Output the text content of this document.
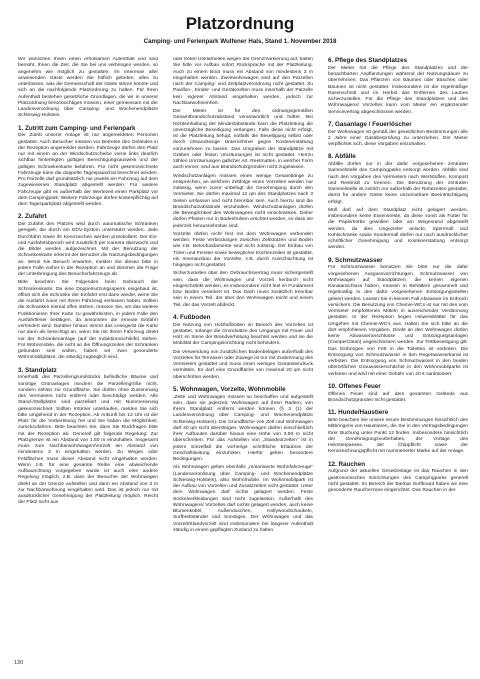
Platzordnung
Camping- und Ferienpark Wulfener Hals, Stand 1. November 2018

Wir wünschen Ihnen einen erholsamen Aufenthalt und sind bemüht, Ihnen die Zeit, die Sie bei uns verbringen werden, so angenehm wie möglich zu gestalten. Im Interesse aller anwesenden Gäste werden Sie höflich gebeten, alles zu unterlassen, was die Gemeinschaft der Gäste stören könnte und sich an die nachfolgende Platzordnung zu halten. Für Ihren Aufenthalt bestehen gesetzliche Grundlagen, die wir in unserer Platzordnung berücksichtigen müssen, einer gemeinsam mit der Landesverordnung über Camping- und Wochenendplätze Schleswig-Holstein.

1. Zutritt zum Camping- und Ferienpark

Der Zutritt unserer Anlage ist nur angemeldeten Personen gestattet. Auch Besucher müssen vor Betreten des Geländes in der Rezeption angemeldet werden. Fahrzeuge dürfen den Platz nur mit einem an der Windschutzscheibe vorne links deutlich sichtbar hinterlegten gültigen Berechtigungsausweis und der gültigen Schrankenkarte befahren. Für nicht gekennzeichnete Fahrzeuge kann die doppelte Tagespauschal berechnet werden. Pro Parzelle darf grundsätzlich nur jeweils ein Fahrzeug auf dem zugewiesenen Standplatz abgestellt werden. Für weitere Fahrzeuge gibt es außerhalb der Wertezeit einen Parkplatz vor dem Campingpark. Weitere Fahrzeuge dürfen kostenpflichtig auf dem Tagesparkplatz abgestellt werden.

2. Zufahrt

Die Zufahrt des Platzes wird durch automatische Schranken geregelt, die durch ein EDV-System unterstützt werden. Jede Durchfahrt sowie ihr Kennzeichen werden protokolliert. Der Ein- und Ausfahrtsbereich wird zusätzlich per Kamera überwacht und die Bilder werden aufgezeichnet. Mit der Benutzung der Schrankenkarte erkennt der Benutzer die Nutzungsbedingungen an. Wenn Sie Besuch erwarten, melden Sie diesen bitte in jedem Falle vorher in der Rezeption an und stimmen die Frage der Unterbringung des Besucherfahrzeugs ab.

Bitte beachten Sie Folgendes beim Gebrauch der Schrankenkarte: Da eine Doppelnutzungssperre eingebaut ist, öffnet sich die Schranke der Einfahrt erst dann wieder, wenn Sie die Ausfahrt zuvor mit Ihrem Fahrzeug verlassen haben. Sollten die Schranken einmal offen stehen, müssen Sie, um das weitere Funktionieren Ihrer Karte zu gewährleisten, in jedem Falle den Ausfahrtleser betätigen, da ansonsten die erneute Einfahrt verhindert wird. Darüber hinaus nimmt das Lesegerät die Karte nur dann als berechtigt an, wenn Sie mit Ihrem Fahrzeug direkt vor der Schrankenanlage (auf der Induktionsschleife) stehen. Für Wohnmobile, die nicht an die Öffnungszeiten der Schranken gebunden sein wollen, haben wir zwei gesonderte Wohnmobilplätze, die ständig zugänglich sind.

3. Standplatz

Innerhalb des Parzellengrundstücks befindliche Bäume und sonstige Grünanlagen mindern die Parzellengröße nicht, sondern zählen zur Grundfläche. Sie dürfen ohne Zustimmung des Vermieters nicht entfernt oder beschädigt werden. Alle Stand-/Stellplätze sind parzelliert und mit Nummerierung gekennzeichnet. Sollten Irrtümer unterlaufen, melden Sie sich bitte umgehend in der Rezeption. Ab Ankunft bis 12 Uhr ist der Platz für die Vorbereitung frei und Sie haben die Möglichkeit, zurückzufahren. Bitte beachten Sie, dass Sie Rückfragen bitte mit der Rezeption ab. Generell gilt folgende Regelung: Zur Platzgrenze ist ein Abstand von 1,50 m einzuhalten. Insgesamt muss zum Nachbarwohnwagen/Vorzelt ein Abstand von mindestens 3 m eingehalten werden. Zu Wegen oder Feldflächen muss dieser Abstand nicht eingehalten werden. Wenn z.B. für eine gesamte Reihe eine abweichende Aufbaurichtung vorgegeben wurde ist auch eine andere Regelung möglich, z.B. dass der Besucher der Wohnwagen direkt an der Grenze aufstellen und dann ein Abstand von 3 m zur Nachbarwohnung eingehalten wird. Das ist jedoch nur mit ausdrücklicher Genehmigung der Platzleitung möglich. Reicht der Platz nicht aus

oder treten Unklarheiten wegen der Grenzmarkierung auf, halten Sie bitte vor Aufbau sofort Rücksprache mit der Platzleitung. Auch zu einem Boot muss ein Abstand von mindestens 3 m eingehalten werden. Zweitwohnwagen sind auf den Parzellen nach der Camping- und Zeltplatzverordnung nicht gestattet. Zu Pavillon-, Kinder- und Gerätezelten muss innerhalb der Parzelle kein eigener Abstand eingehalten werden, jedoch zur Nachbarwohneinheit.

Der Mieter ist für den ordnungsgemäßen Gesamtbrandschutzabstand verantwortlich und haftet. Bei Nichteinhaltung der Mindestabstände kann die Platzleitung die unverzügliche Beseitigung verlangen. Falls diese nicht erfolgt, ist die Platzleitung befugt, notfalls die Beseitigung selbst oder durch ortsansässige Unternehmer gegen Kostenerstattung vorzunehmen zu lassen. Das Umgraben der Standplätze mit Gräben oder festen Umzäunungen ist nicht gestattet. Herrzu zählen Umzäunungen gallicher Art. Reetmatten, in welcher Form auch immer, sind aus Brandschutzgründen nicht zugelassen.

Windschutzanlagen müssen einen wenige Gesamtlänge zu entsprechen, an welchem Zeltfolge eines Vorzeltes werden nur zulässig, wenn zuvor unbefugt die Genehmigung durch den Vermieter. Sie dürfen maximal 12 qm des Standplatzes nach 3 Seiten umfassen und nicht brennbar sein. Auch hierzu sind die Brandschutzabstände einzuhalten. Windschutzanlagen dürfen die Beweglichkeit des Wohnwagens nicht einschränken. Daher dürfen Pfosten nur in Bodenhülsen errichtet werden, so dass sie jederzeit herausnehmbar sind.

Vorzelte dürfen nicht fest mit dem Wohnwagen verbunden werden. Feste Verbindungen zwischen Zeltstützen und Boden wie z.B. Betonfundamente sind nicht zulässig. Der Einbau von Türen und Fenster sowie beweglicher Küchenzeilen ist gestattet, ein Innenausbau der Vorzelte, z.B. durch Ausschachtung ist hingegen nicht gestattet.

Sicherzustellen über den Gebrauchsvertrag muss sichergestellt sein, dass die Wohnwagen und Vorzelt herdurch nicht eingeschränkt werden, es insbesondere nicht fest im Fundament bzw. Boden verankert ist. Das Dach muss zusätzlich trennbar sein in einem Teil, der über den Wohnwagen reicht und einem Teil, der das Vorzelt abdeckt.

4. Fußboden

Die Nutzung von Holzfußböden im Bereich des Vorzeltes ist gestattet, solange die Grundsätze des Umgangs mit Feuer und Holz im Sinne der Brandverhütung beachtet werden und sie die Mobilität der Campingeinrichtung nicht behindern.

Die Verwendung von zusätzlichen Bodenbelägen außerhalb des Vorzeltes für Terrassen oder Zuwege ist nur mit Zustimmung des Vermieters gestattet und muss einen wenigen Gesamteindruck vermitteln. Es darf eine Grundfläche von maximal 20 qm nicht überschritten werden.

5. Wohnwagen, Vorzelte, Wohnmobile

„Zelte und Wohnwagen müssen so beschaffen und aufgestellt sein, dass sie jederzeit, Wohnwagen auf ihren Rädern, von ihrem Standplatz entfernt werden können (§ 3 (1) der Landesverordnung über Camping- und Wochenendplätze Schleswig-Holstein). Die Grundfläche von Zelt und Wohnwagen darf 40 qm nicht übersteigen. Wohnwagen dürfen einschließlich ihrer Aufbauten darüber hinaus eine Höhe von 3,50 m nicht überschreiten. Für das Aufstellen von „Standvorzelten" ist in jedem Einzelfall die vorherige schriftliche Erlaubnis der Geschäftsleitung einzuholen. Hierfür gelten besondere Bedingungen.

Als Wohnwagen gelten ebenfalls „motorisierte Wohnfahrzeuge" (Landesverordnung über Camping- und Wochenendplätze Schleswig-Holstein), also Wohnmobile. Im Wohnmobilpark ist der Aufbau von Vorzelten und Zusatzzelten nicht gestattet. Unter dem Wohnwagen darf nichts gelagert werden. Feste Sockelverkleidungen sind nicht zugelassen. Außerhalb des Wohnwagens/ Vorzeltes darf nichts gelagert werden, auch keine Blumenkübel, Außenduschen, Hollywoodschaukeln, Surfbrettständer und Sonstiges. Der Wohnwagen und das Vorzelt/Standvorzelt sind insbesondere bei längerer Aufenthalt ständig in einem gepflegten Zustand zu halten.

6. Pflege des Standplatzes

Der Mieter hat die Pflege des Standplatzes und der benachbarten Anpflanzungen während der Nutzungsdauer zu übernehmen. Das Pflanzen von Bäumen oder Büschen oder Bäumen ist nicht gestattet. Insbesondere ist die regelmäßige Rasenschnitt und im Herbst das Entfernen des Laubes sicherzustellen. Für die Pflege des Standplatzes und des Wohnwagens/ Vorzeltes kann vom Mieter ein ergänzender Servicevertrag abgeschlossen werden.

7. Gasanlage / Feuerlöscher

Der Wohnwagen ist gemäß der gesetzlichen Bestimmungen alle 2 Jahre einer Gasüberprüfung zu unterziehen. Der Mieter verpflichtet sich, diese Vorgaben einzuhalten.

8. Abfälle

Abfälle dürfen nur in der dafür vorgesehenen zentralen Sammelstelle des Campingparks entsorgt werden. Abfälle sind nach den Vorgaben des Vermieters nach Wertstoffen, Kompost und Restmüll zu trennen. Die Benutzung der zentralen Sammelstelle ist zeitlich nur außerhalb der Ruhezeiten gestattet, damit für andere Gäste keine unzumutbare Beeinträchtigung erfolgt.

Müll darf auf dem Standplatz nicht gelagert werden, insbesondere keine Essensreste, da diese sonst als Futter für die Papierkörbe gewollen oder am Wegesrand abgestellt werden, da dies Ungeziefer anlockt. Sperrmüll und Kühlschränke sowie Sondermüll dürfen nur nach ausdrücklicher schriftlicher Genehmigung und Kostenerstattung entsorgt werden.

9. Schmutzwasser

Für Schmutzwasser benutzen Sie bitte nur die dafür vorgesehenen Ausgussvorrichtungen. Schmutzwasser von Wohnwagen auf Standplätzen, die keinen eigenen Kanalanschluss haben, müssen in Behältern gesammelt und regelmäßig in den dafür vorgesehenen Entsorgungsstellen geleert werden. Lassen Sie in keinem Fall Abwasser im Erdreich versickern. Die Benutzung von Chemie-WCs ist nur mit den vom Vermieter empfohlenen Mitteln in ausreichender Verdünnung gestattet. In der Rezeption liegen Hinweisblätter für das Umgehen mit Chemie-WC's aus. Halten Sie sich bitte an die dort empfohlenen Vorgaben. Direkt an den Wohnwagen dürfen keine Abwasseranschlüsse und Entsorgungsanlagen (CamperClean) angeschlossen werden. Zur Fettbeseitigung gilt: Das Einbringen von Fett in die Toiletten ist verboten. Die Entsorgung von Schmutzwasser in den Regenwasserkanal ist verboten. Die Entsorgung von Schmutzwasser in den beiden überörtlichen Grauwasserschächte in den Wohnmobilparks ist verboten und wird mit einer Gebühr von 20 € sanktioniert.

10. Offenes Feuer

Offenes Feuer sind auf dem gesamten Gelände aus Brandschutzgründen nicht gestattet.

11. Hunde/Haustiere

Bitte beachten Sie unsere neuen Bestimmungen hinsichtlich des Mitbringens von Haustieren, die Sie in den Vertragsbedingungen Ihrer Buchung unter Punkt 12 finden. Insbesondere hinsichtlich der Genehmigungsvorbehaltes, der Vorlage des Heimtierpasses, der Chippflicht sowie der Kennzeichnungspflicht mit nummerierter Marke auf der Anlage.

12. Rauchen

Aufgrund der aktuellen Gesetzeslage ist das Rauchen in den gastronomischen Einrichtungen des Campingparks generell nicht gestattet. Im Bereich der Bierbar Surfboard haben wir eine gesonderte Raucherzone eingerichtet. Das Rauchen in der

130
